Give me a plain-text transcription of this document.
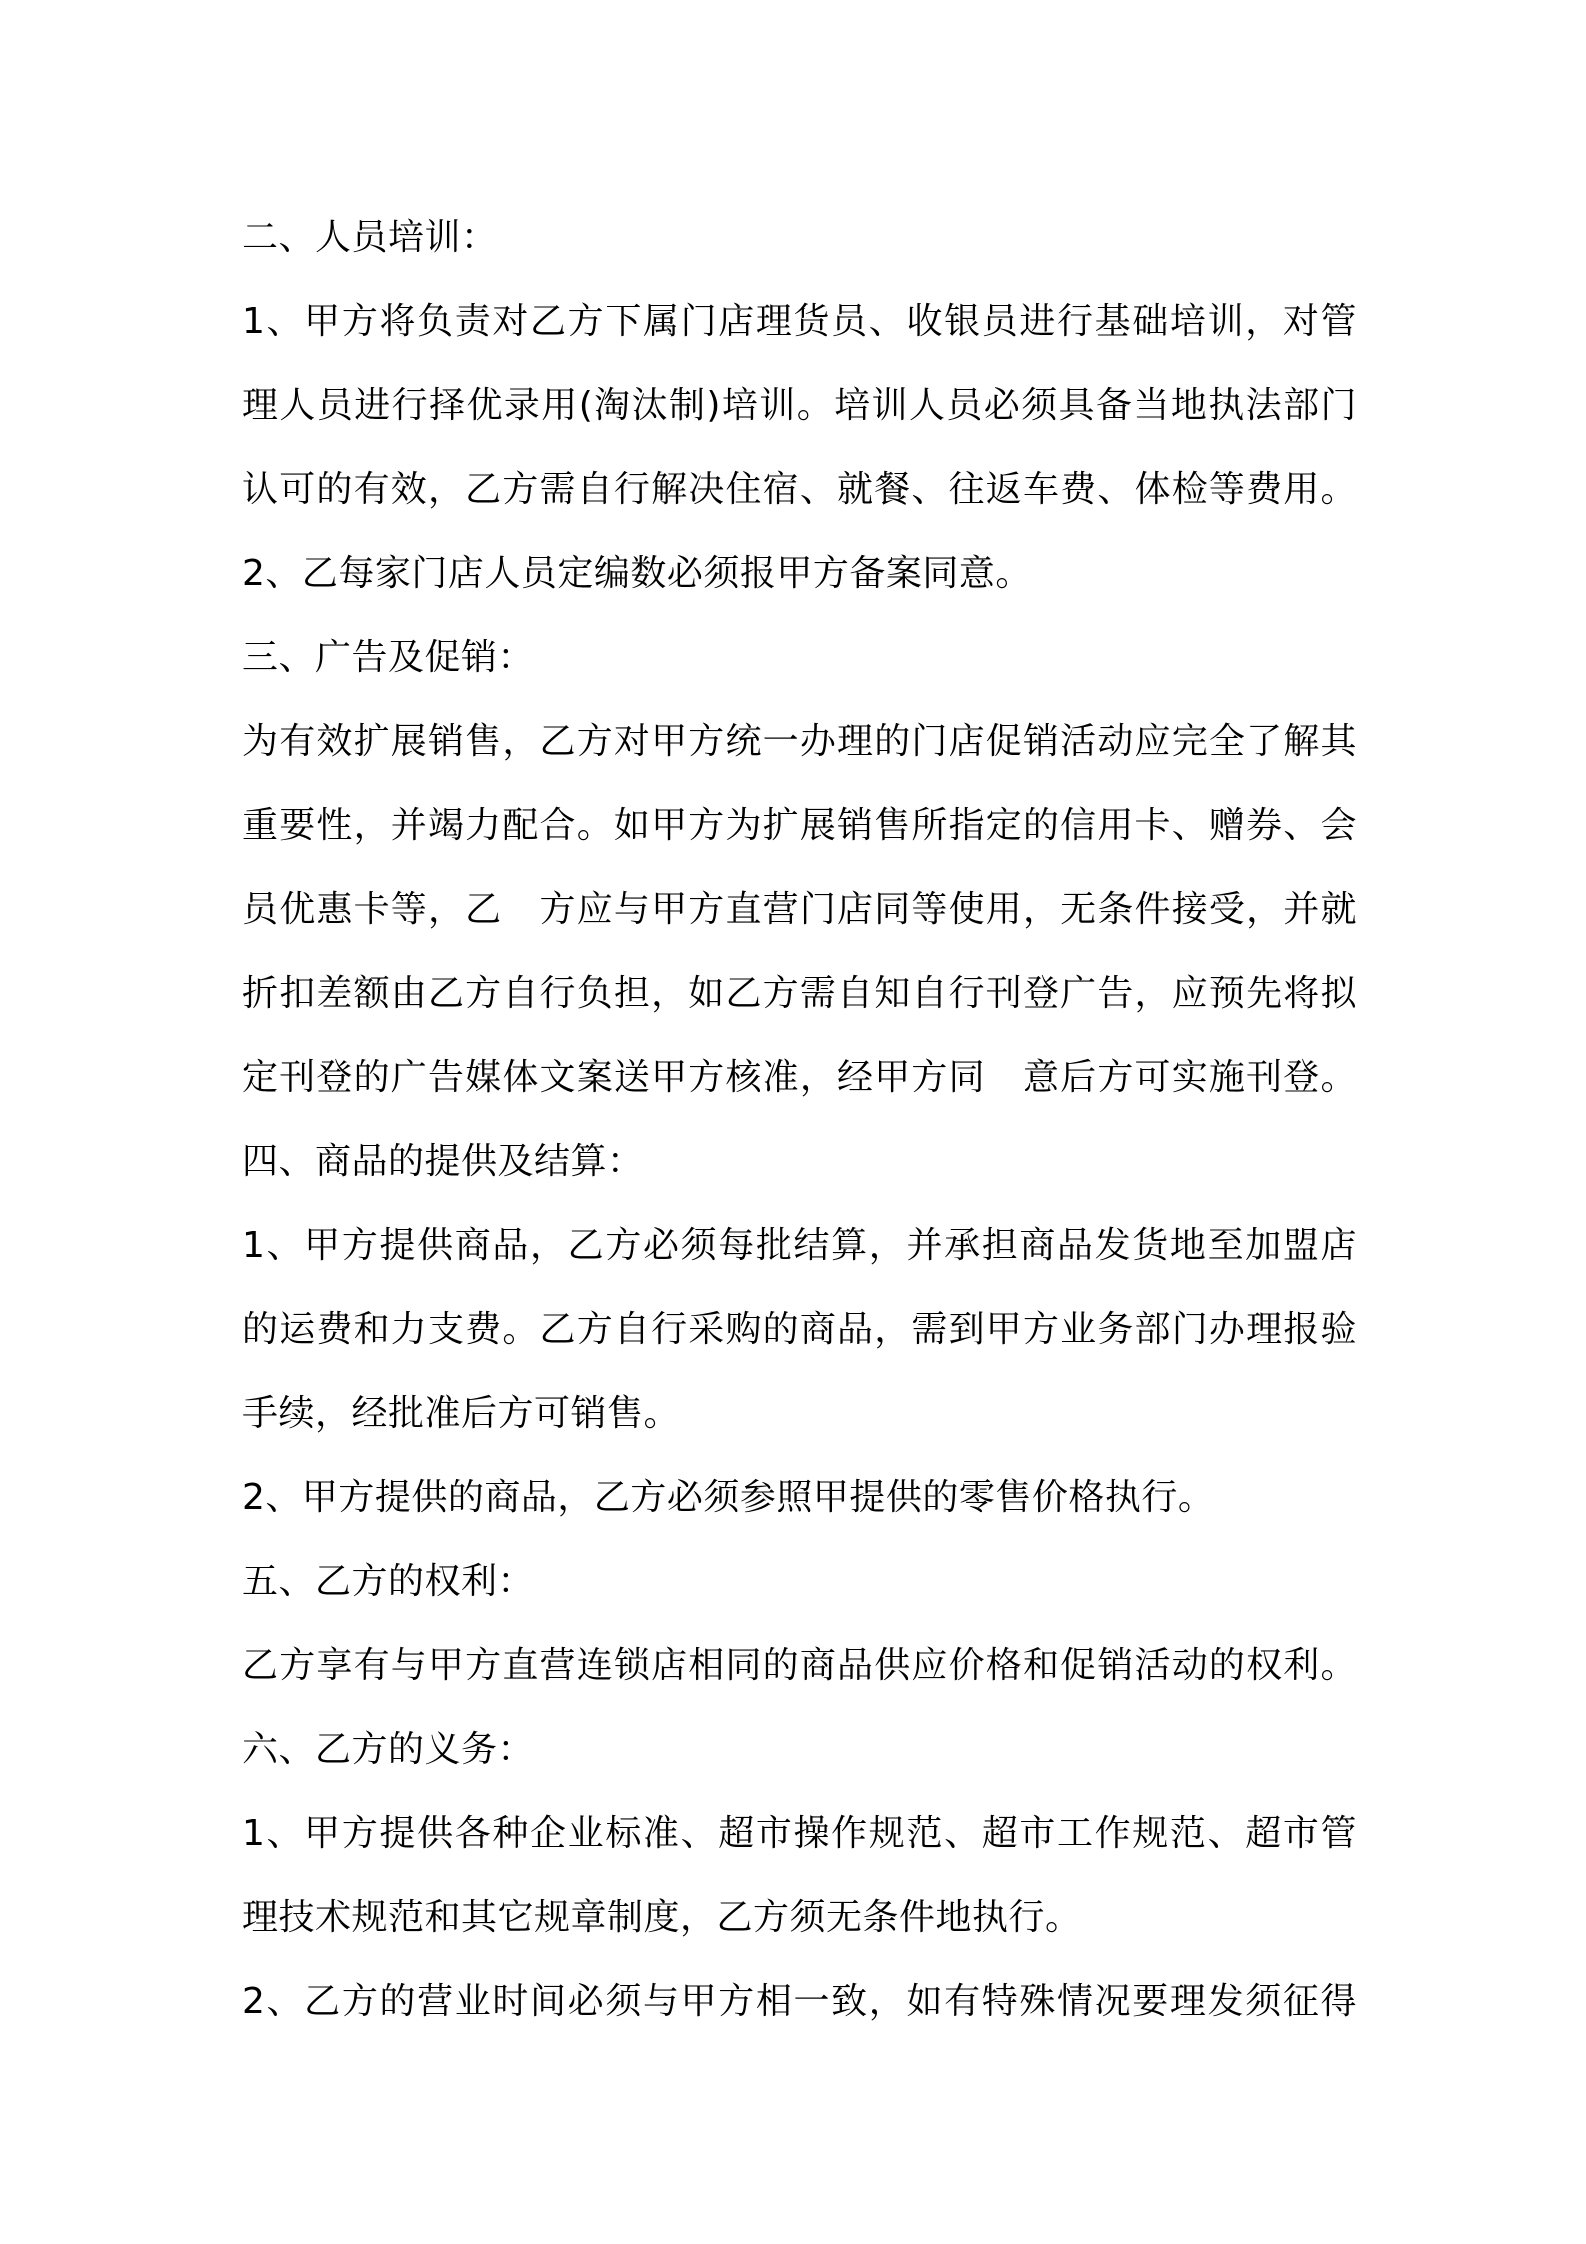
二、人员培训：
1、甲方将负责对乙方下属门店理货员、收银员进行基础培训，对管
理人员进行择优录用(淘汰制)培训。培训人员必须具备当地执法部门
认可的有效，乙方需自行解决住宿、就餐、往返车费、体检等费用。
2、乙每家门店人员定编数必须报甲方备案同意。
三、广告及促销：
为有效扩展销售，乙方对甲方统一办理的门店促销活动应完全了解其
重要性，并竭力配合。如甲方为扩展销售所指定的信用卡、赠券、会
员优惠卡等，乙　方应与甲方直营门店同等使用，无条件接受，并就
折扣差额由乙方自行负担，如乙方需自知自行刊登广告，应预先将拟
定刊登的广告媒体文案送甲方核准，经甲方同　意后方可实施刊登。
四、商品的提供及结算：
1、甲方提供商品，乙方必须每批结算，并承担商品发货地至加盟店
的运费和力支费。乙方自行采购的商品，需到甲方业务部门办理报验
手续，经批准后方可销售。
2、甲方提供的商品，乙方必须参照甲提供的零售价格执行。
五、乙方的权利：
乙方享有与甲方直营连锁店相同的商品供应价格和促销活动的权利。
六、乙方的义务：
1、甲方提供各种企业标准、超市操作规范、超市工作规范、超市管
理技术规范和其它规章制度，乙方须无条件地执行。
2、乙方的营业时间必须与甲方相一致，如有特殊情况要理发须征得
